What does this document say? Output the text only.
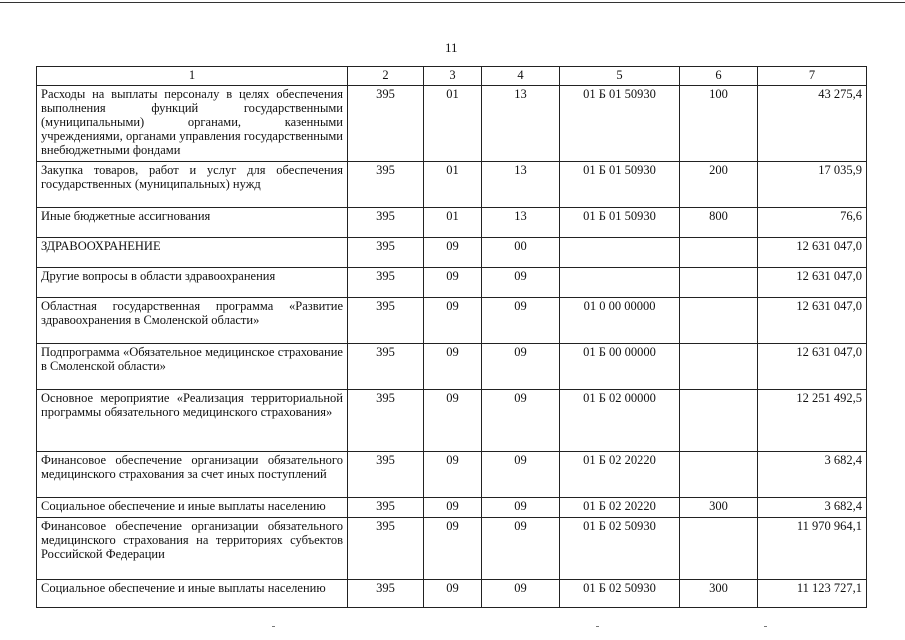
11
1	2	3	4	5	6	7
Расходы на выплаты персоналу в целях обеспечения выполнения функций государственными (муниципальными) органами, казенными учреждениями, органами управления государственными внебюджетными фондами	395	01	13	01 Б 01 50930	100	43 275,4
Закупка товаров, работ и услуг для обеспечения государственных (муниципальных) нужд	395	01	13	01 Б 01 50930	200	17 035,9
Иные бюджетные ассигнования	395	01	13	01 Б 01 50930	800	76,6
ЗДРАВООХРАНЕНИЕ	395	09	00			12 631 047,0
Другие вопросы в области здравоохранения	395	09	09			12 631 047,0
Областная государственная программа «Развитие здравоохранения в Смоленской области»	395	09	09	01 0 00 00000		12 631 047,0
Подпрограмма «Обязательное медицинское страхование в Смоленской области»	395	09	09	01 Б 00 00000		12 631 047,0
Основное мероприятие «Реализация территориальной программы обязательного медицинского страхования»	395	09	09	01 Б 02 00000		12 251 492,5
Финансовое обеспечение организации обязательного медицинского страхования за счет иных поступлений	395	09	09	01 Б 02 20220		3 682,4
Социальное обеспечение и иные выплаты населению	395	09	09	01 Б 02 20220	300	3 682,4
Финансовое обеспечение организации обязательного медицинского страхования на территориях субъектов Российской Федерации	395	09	09	01 Б 02 50930		11 970 964,1
Социальное обеспечение и иные выплаты населению	395	09	09	01 Б 02 50930	300	11 123 727,1
